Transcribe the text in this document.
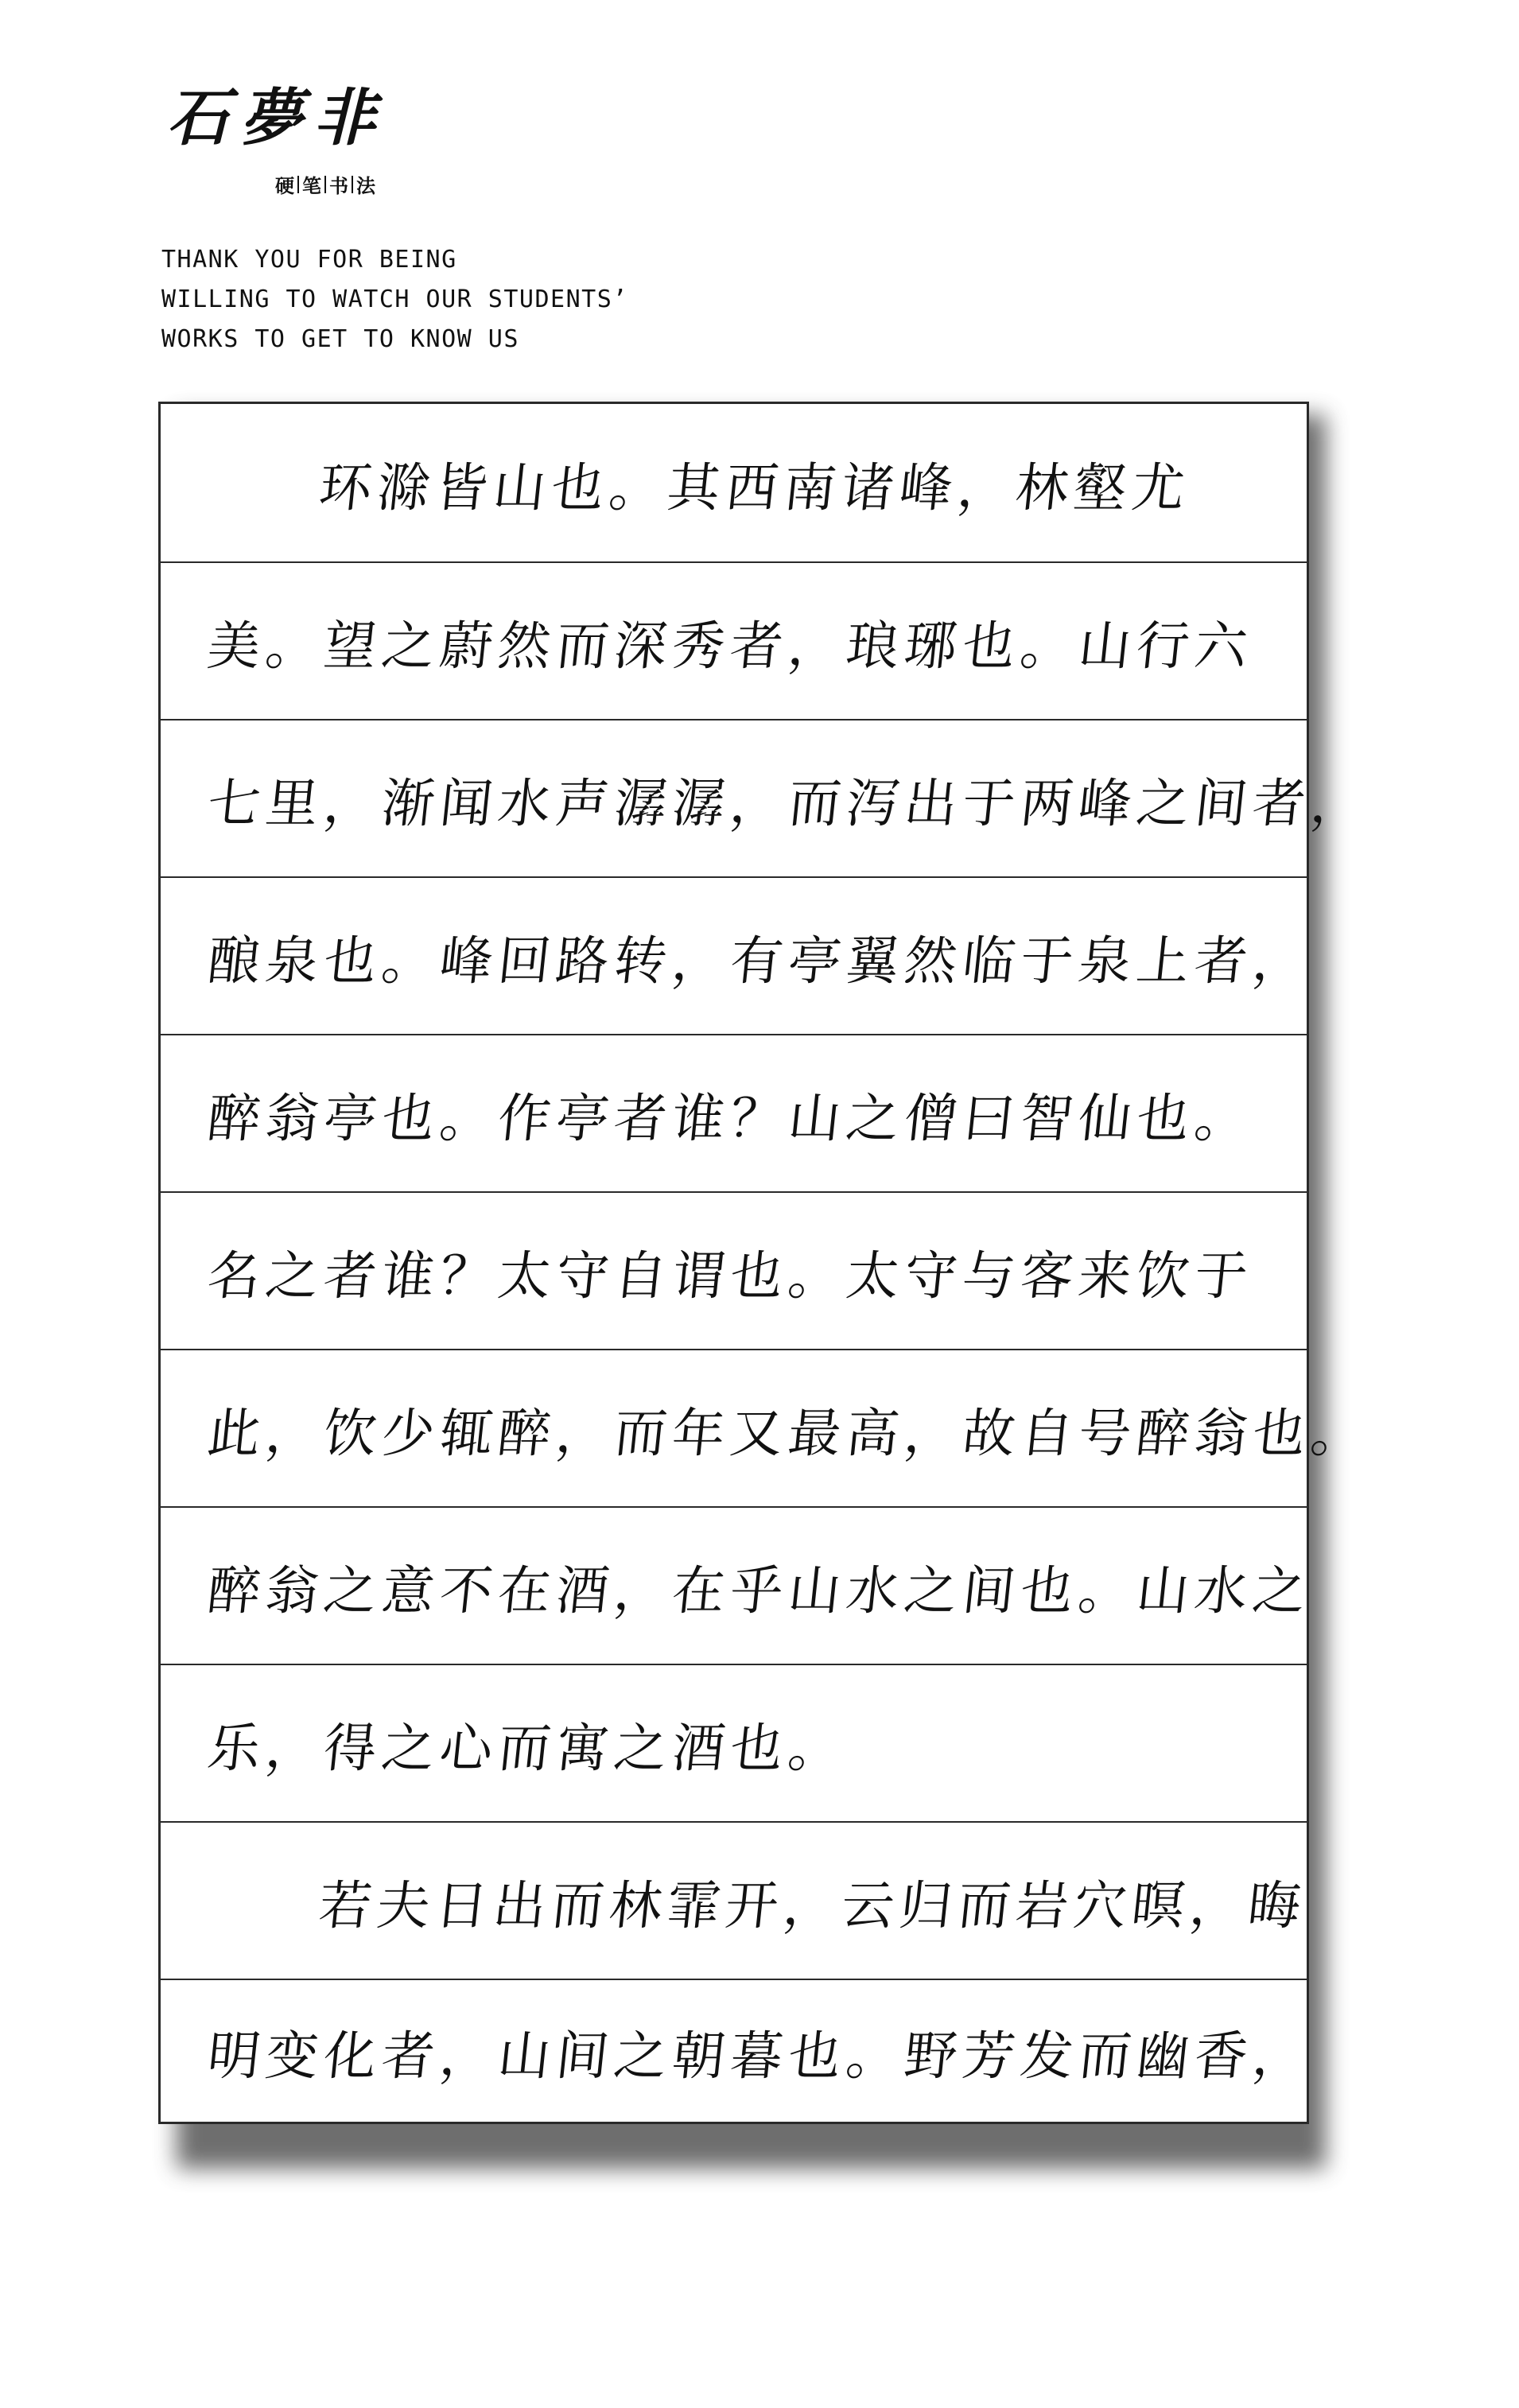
石夢非

硬 笔 书 法
THANK YOU FOR BEING
WILLING TO WATCH OUR STUDENTS’
WORKS TO GET TO KNOW US
环滁皆山也。其西南诸峰，林壑尤
美。望之蔚然而深秀者，琅琊也。山行六
七里，渐闻水声潺潺，而泻出于两峰之间者，
酿泉也。峰回路转，有亭翼然临于泉上者，
醉翁亭也。作亭者谁？山之僧曰智仙也。
名之者谁？太守自谓也。太守与客来饮于
此，饮少辄醉，而年又最高，故自号醉翁也。
醉翁之意不在酒，在乎山水之间也。山水之
乐，得之心而寓之酒也。
若夫日出而林霏开，云归而岩穴暝，晦
明变化者，山间之朝暮也。野芳发而幽香，
